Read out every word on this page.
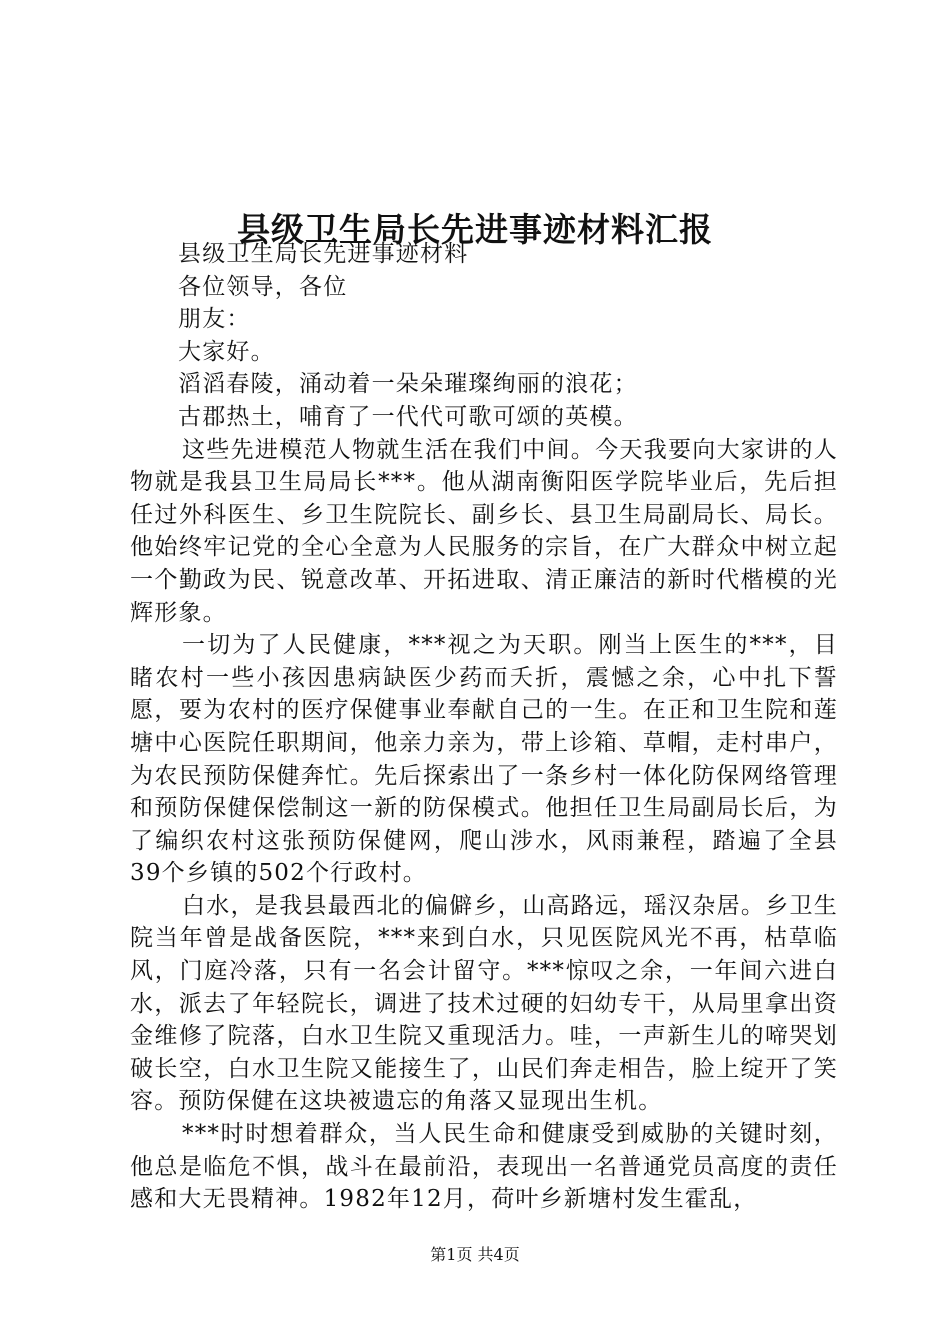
县级卫生局长先进事迹材料汇报

县级卫生局长先进事迹材料

各位领导，各位

朋友：

大家好。

滔滔春陵，涌动着一朵朵璀璨绚丽的浪花；

古郡热土，哺育了一代代可歌可颂的英模。

这些先进模范人物就生活在我们中间。今天我要向大家讲的人物就是我县卫生局局长***。他从湖南衡阳医学院毕业后，先后担任过外科医生、乡卫生院院长、副乡长、县卫生局副局长、局长。他始终牢记党的全心全意为人民服务的宗旨，在广大群众中树立起一个勤政为民、锐意改革、开拓进取、清正廉洁的新时代楷模的光辉形象。

一切为了人民健康，***视之为天职。刚当上医生的***，目睹农村一些小孩因患病缺医少药而夭折，震憾之余，心中扎下誓愿，要为农村的医疗保健事业奉献自己的一生。在正和卫生院和莲塘中心医院任职期间，他亲力亲为，带上诊箱、草帽，走村串户，为农民预防保健奔忙。先后探索出了一条乡村一体化防保网络管理和预防保健保偿制这一新的防保模式。他担任卫生局副局长后，为了编织农村这张预防保健网，爬山涉水，风雨兼程，踏遍了全县39个乡镇的502个行政村。

白水，是我县最西北的偏僻乡，山高路远，瑶汉杂居。乡卫生院当年曾是战备医院，***来到白水，只见医院风光不再，枯草临风，门庭冷落，只有一名会计留守。***惊叹之余，一年间六进白水，派去了年轻院长，调进了技术过硬的妇幼专干，从局里拿出资金维修了院落，白水卫生院又重现活力。哇，一声新生儿的啼哭划破长空，白水卫生院又能接生了，山民们奔走相告，脸上绽开了笑容。预防保健在这块被遗忘的角落又显现出生机。

***时时想着群众，当人民生命和健康受到威胁的关键时刻，他总是临危不惧，战斗在最前沿，表现出一名普通党员高度的责任感和大无畏精神。1982年12月，荷叶乡新塘村发生霍乱，

第1页 共4页
